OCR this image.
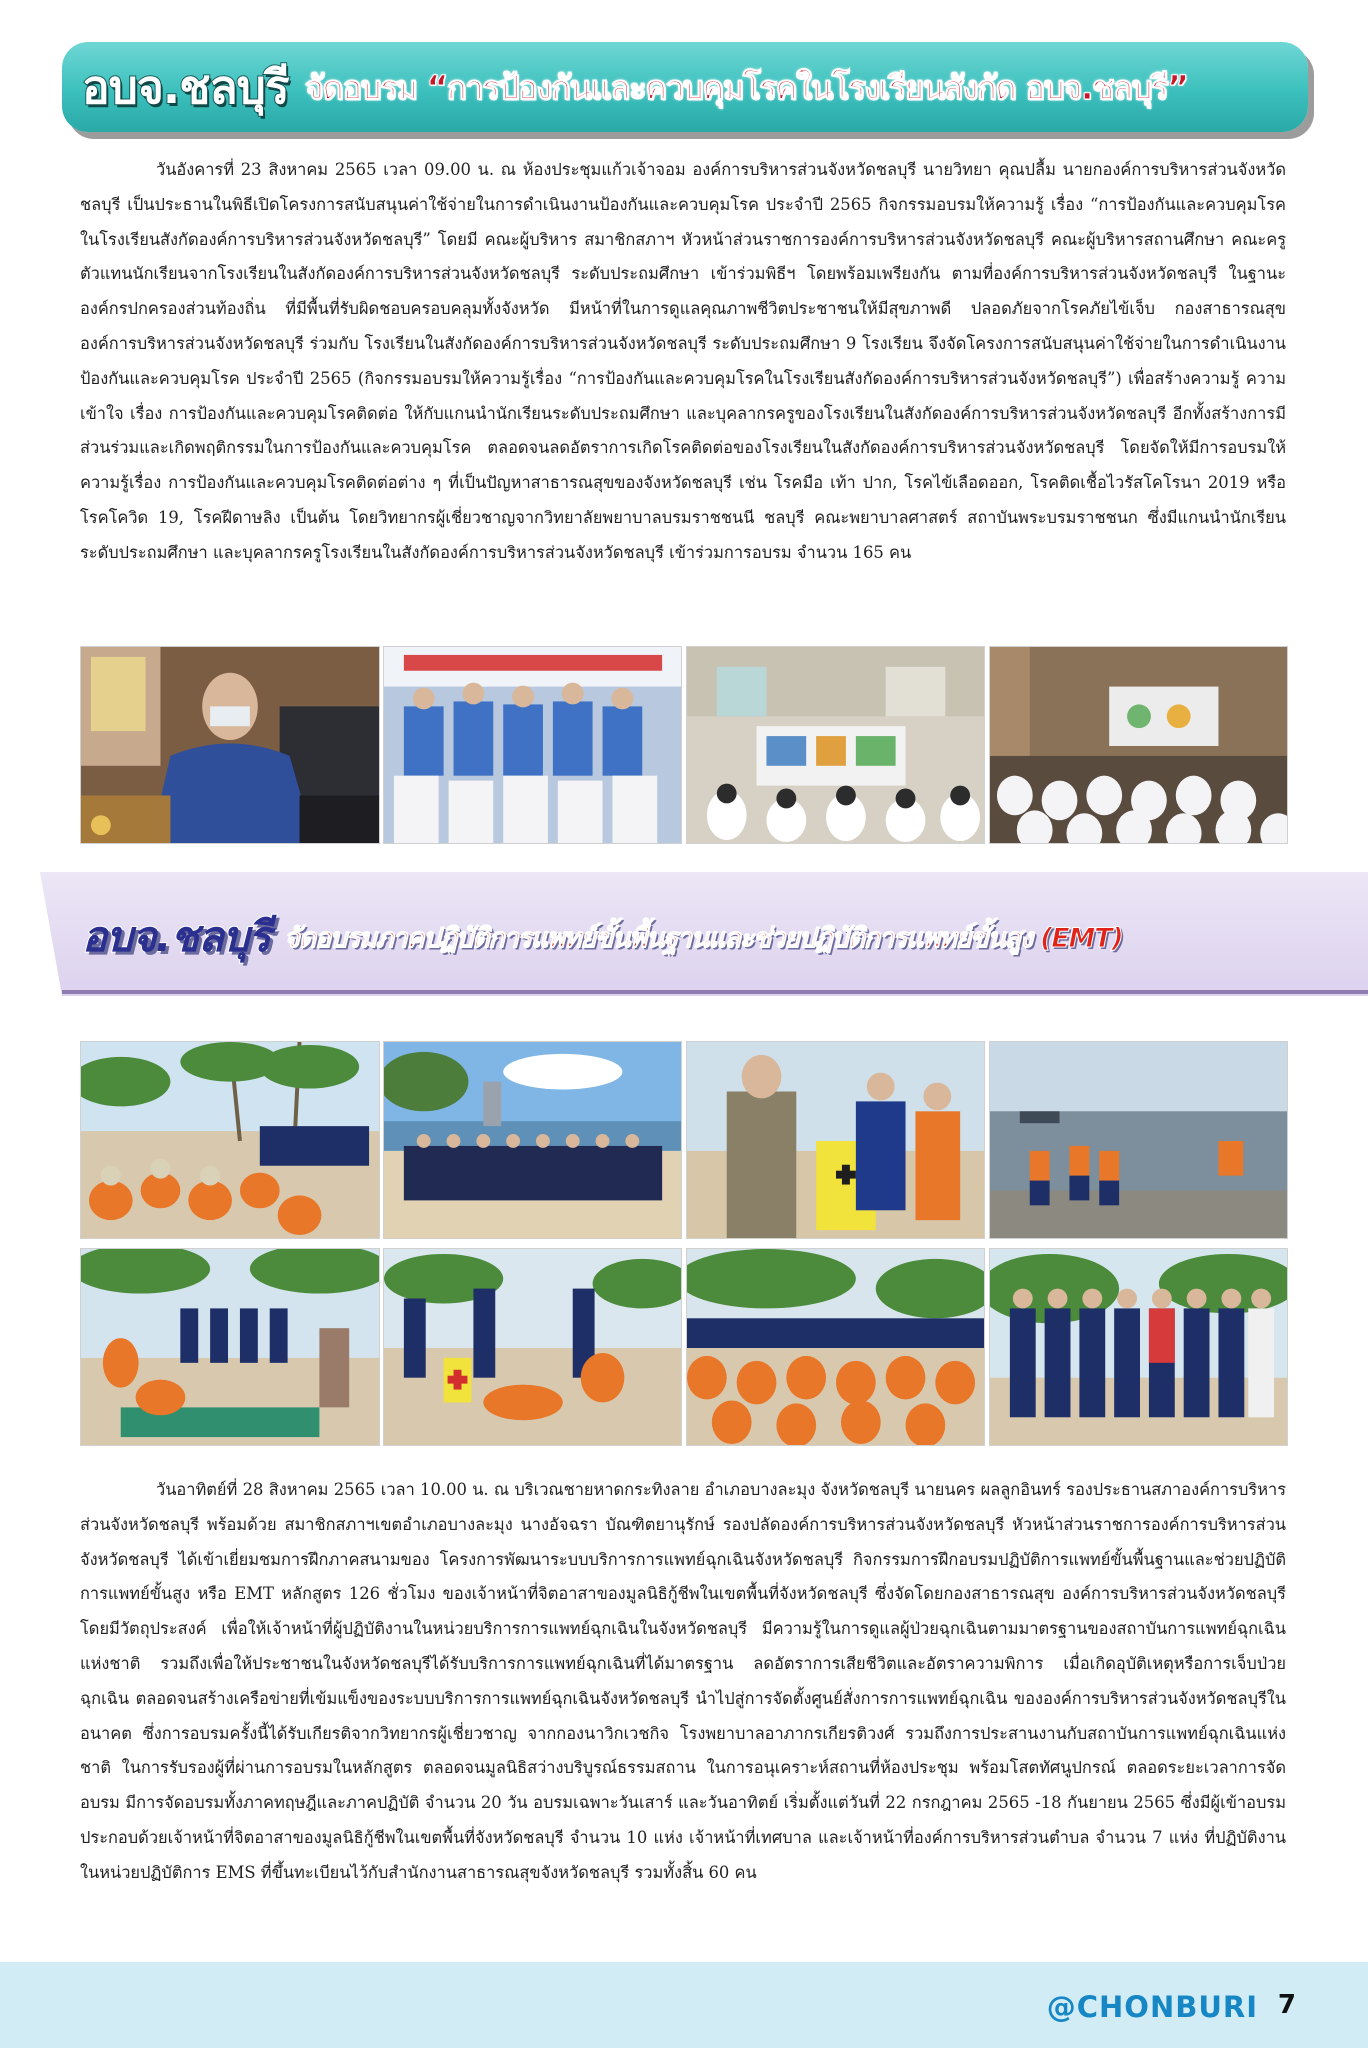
อบจ.ชลบุรี จัดอบรม “การป้องกันและควบคุมโรคในโรงเรียนสังกัด อบจ.ชลบุรี”

วันอังคารที่ 23 สิงหาคม 2565 เวลา 09.00 น. ณ ห้องประชุมแก้วเจ้าจอม องค์การบริหารส่วนจังหวัดชลบุรี นายวิทยา คุณปลื้ม นายกองค์การบริหารส่วนจังหวัดชลบุรี เป็นประธานในพิธีเปิดโครงการสนับสนุนค่าใช้จ่ายในการดำเนินงานป้องกันและควบคุมโรค ประจำปี 2565 กิจกรรมอบรมให้ความรู้ เรื่อง “การป้องกันและควบคุมโรคในโรงเรียนสังกัดองค์การบริหารส่วนจังหวัดชลบุรี” โดยมี คณะผู้บริหาร สมาชิกสภาฯ หัวหน้าส่วนราชการองค์การบริหารส่วนจังหวัดชลบุรี คณะผู้บริหารสถานศึกษา คณะครู ตัวแทนนักเรียนจากโรงเรียนในสังกัดองค์การบริหารส่วนจังหวัดชลบุรี ระดับประถมศึกษา เข้าร่วมพิธีฯ โดยพร้อมเพรียงกัน ตามที่องค์การบริหารส่วนจังหวัดชลบุรี ในฐานะองค์กรปกครองส่วนท้องถิ่น ที่มีพื้นที่รับผิดชอบครอบคลุมทั้งจังหวัด มีหน้าที่ในการดูแลคุณภาพชีวิตประชาชนให้มีสุขภาพดี ปลอดภัยจากโรคภัยไข้เจ็บ กองสาธารณสุข องค์การบริหารส่วนจังหวัดชลบุรี ร่วมกับ โรงเรียนในสังกัดองค์การบริหารส่วนจังหวัดชลบุรี ระดับประถมศึกษา 9 โรงเรียน จึงจัดโครงการสนับสนุนค่าใช้จ่ายในการดำเนินงานป้องกันและควบคุมโรค ประจำปี 2565 (กิจกรรมอบรมให้ความรู้เรื่อง “การป้องกันและควบคุมโรคในโรงเรียนสังกัดองค์การบริหารส่วนจังหวัดชลบุรี”) เพื่อสร้างความรู้ ความเข้าใจ เรื่อง การป้องกันและควบคุมโรคติดต่อ ให้กับแกนนำนักเรียนระดับประถมศึกษา และบุคลากรครูของโรงเรียนในสังกัดองค์การบริหารส่วนจังหวัดชลบุรี อีกทั้งสร้างการมีส่วนร่วมและเกิดพฤติกรรมในการป้องกันและควบคุมโรค ตลอดจนลดอัตราการเกิดโรคติดต่อของโรงเรียนในสังกัดองค์การบริหารส่วนจังหวัดชลบุรี โดยจัดให้มีการอบรมให้ความรู้เรื่อง การป้องกันและควบคุมโรคติดต่อต่าง ๆ ที่เป็นปัญหาสาธารณสุขของจังหวัดชลบุรี เช่น โรคมือ เท้า ปาก, โรคไข้เลือดออก, โรคติดเชื้อไวรัสโคโรนา 2019 หรือโรคโควิด 19, โรคฝีดาษลิง เป็นต้น โดยวิทยากรผู้เชี่ยวชาญจากวิทยาลัยพยาบาลบรมราชชนนี ชลบุรี คณะพยาบาลศาสตร์ สถาบันพระบรมราชชนก ซึ่งมีแกนนำนักเรียนระดับประถมศึกษา และบุคลากรครูโรงเรียนในสังกัดองค์การบริหารส่วนจังหวัดชลบุรี เข้าร่วมการอบรม จำนวน 165 คน

อบจ.ชลบุรี จัดอบรมภาคปฏิบัติการแพทย์ขั้นพื้นฐานและช่วยปฏิบัติการแพทย์ขั้นสูง (EMT)

วันอาทิตย์ที่ 28 สิงหาคม 2565 เวลา 10.00 น. ณ บริเวณชายหาดกระทิงลาย อำเภอบางละมุง จังหวัดชลบุรี นายนคร ผลลูกอินทร์ รองประธานสภาองค์การบริหารส่วนจังหวัดชลบุรี พร้อมด้วย สมาชิกสภาฯเขตอำเภอบางละมุง นางอัจฉรา บัณฑิตยานุรักษ์ รองปลัดองค์การบริหารส่วนจังหวัดชลบุรี หัวหน้าส่วนราชการองค์การบริหารส่วนจังหวัดชลบุรี ได้เข้าเยี่ยมชมการฝึกภาคสนามของ โครงการพัฒนาระบบบริการการแพทย์ฉุกเฉินจังหวัดชลบุรี กิจกรรมการฝึกอบรมปฏิบัติการแพทย์ขั้นพื้นฐานและช่วยปฏิบัติการแพทย์ขั้นสูง หรือ EMT หลักสูตร 126 ชั่วโมง ของเจ้าหน้าที่จิตอาสาของมูลนิธิกู้ชีพในเขตพื้นที่จังหวัดชลบุรี ซึ่งจัดโดยกองสาธารณสุข องค์การบริหารส่วนจังหวัดชลบุรี โดยมีวัตถุประสงค์ เพื่อให้เจ้าหน้าที่ผู้ปฏิบัติงานในหน่วยบริการการแพทย์ฉุกเฉินในจังหวัดชลบุรี มีความรู้ในการดูแลผู้ป่วยฉุกเฉินตามมาตรฐานของสถาบันการแพทย์ฉุกเฉินแห่งชาติ รวมถึงเพื่อให้ประชาชนในจังหวัดชลบุรีได้รับบริการการแพทย์ฉุกเฉินที่ได้มาตรฐาน ลดอัตราการเสียชีวิตและอัตราความพิการ เมื่อเกิดอุบัติเหตุหรือการเจ็บป่วยฉุกเฉิน ตลอดจนสร้างเครือข่ายที่เข้มแข็งของระบบบริการการแพทย์ฉุกเฉินจังหวัดชลบุรี นำไปสู่การจัดตั้งศูนย์สั่งการการแพทย์ฉุกเฉิน ขององค์การบริหารส่วนจังหวัดชลบุรีในอนาคต ซึ่งการอบรมครั้งนี้ได้รับเกียรติจากวิทยากรผู้เชี่ยวชาญ จากกองนาวิกเวชกิจ โรงพยาบาลอาภากรเกียรติวงศ์ รวมถึงการประสานงานกับสถาบันการแพทย์ฉุกเฉินแห่งชาติ ในการรับรองผู้ที่ผ่านการอบรมในหลักสูตร ตลอดจนมูลนิธิสว่างบริบูรณ์ธรรมสถาน ในการอนุเคราะห์สถานที่ห้องประชุม พร้อมโสตทัศนูปกรณ์ ตลอดระยะเวลาการจัดอบรม มีการจัดอบรมทั้งภาคทฤษฎีและภาคปฏิบัติ จำนวน 20 วัน อบรมเฉพาะวันเสาร์ และวันอาทิตย์ เริ่มตั้งแต่วันที่ 22 กรกฎาคม 2565 -18 กันยายน 2565 ซึ่งมีผู้เข้าอบรมประกอบด้วยเจ้าหน้าที่จิตอาสาของมูลนิธิกู้ชีพในเขตพื้นที่จังหวัดชลบุรี จำนวน 10 แห่ง เจ้าหน้าที่เทศบาล และเจ้าหน้าที่องค์การบริหารส่วนตำบล จำนวน 7 แห่ง ที่ปฏิบัติงานในหน่วยปฏิบัติการ EMS ที่ขึ้นทะเบียนไว้กับสำนักงานสาธารณสุขจังหวัดชลบุรี รวมทั้งสิ้น 60 คน

@CHONBURI 7
